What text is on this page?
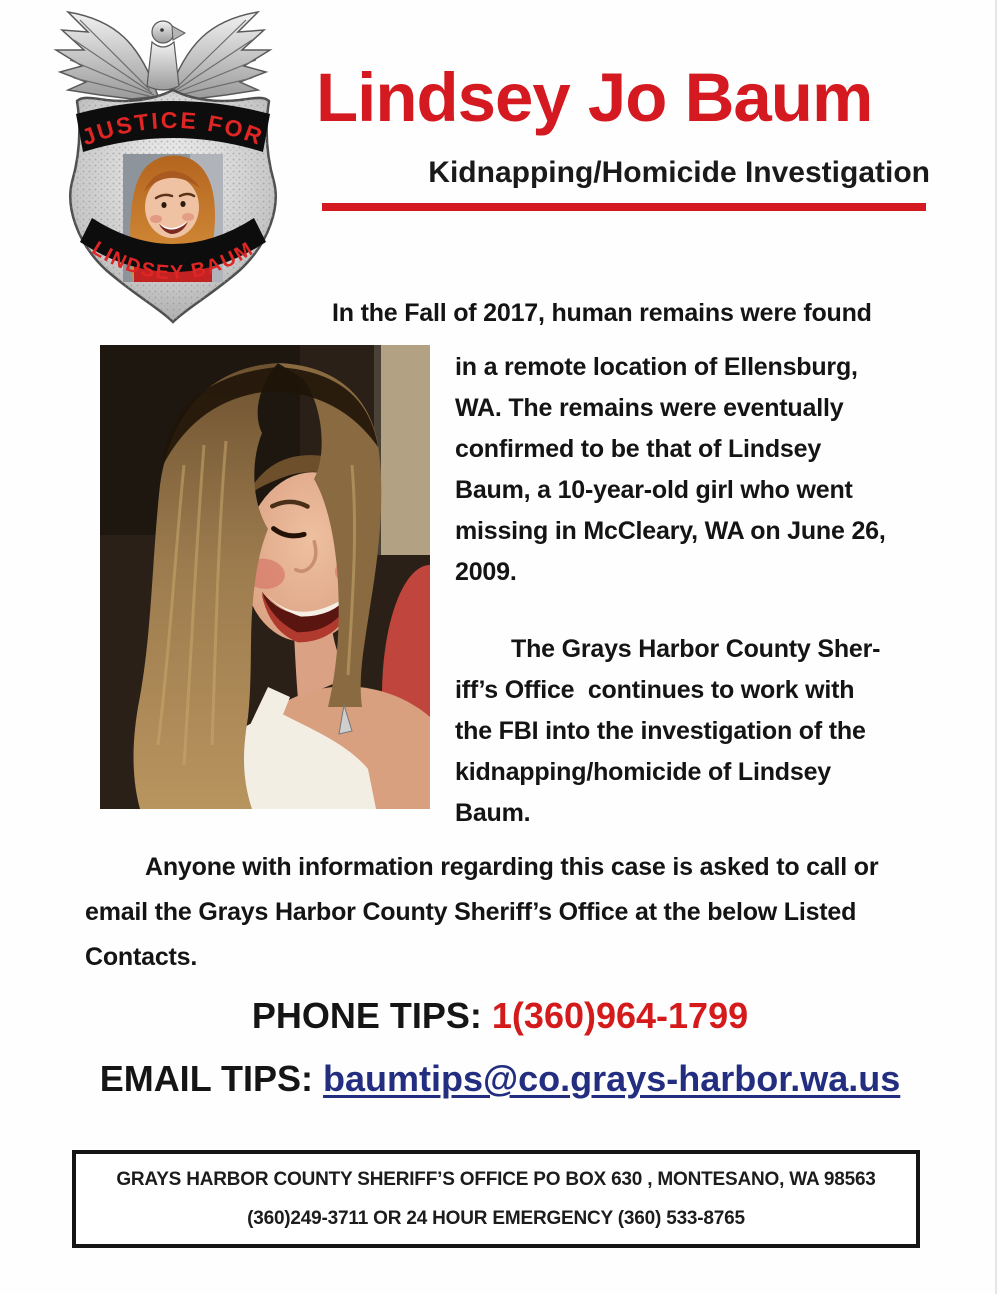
JUSTICE FOR
LINDSEY BAUM
Lindsey Jo Baum
Kidnapping/Homicide Investigation
In the Fall of 2017, human remains were found
in a remote location of Ellensburg,
WA. The remains were eventually
confirmed to be that of Lindsey
Baum, a 10-year-old girl who went
missing in McCleary, WA on June 26,
2009.
The Grays Harbor County Sher-
iff’s Office  continues to work with
the FBI into the investigation of the
kidnapping/homicide of Lindsey
Baum.
Anyone with information regarding this case is asked to call or
email the Grays Harbor County Sheriff’s Office at the below Listed
Contacts.
PHONE TIPS: 1(360)964-1799
EMAIL TIPS: baumtips@co.grays-harbor.wa.us
GRAYS HARBOR COUNTY SHERIFF’S OFFICE PO BOX 630 , MONTESANO, WA 98563
(360)249-3711 OR 24 HOUR EMERGENCY (360) 533-8765
